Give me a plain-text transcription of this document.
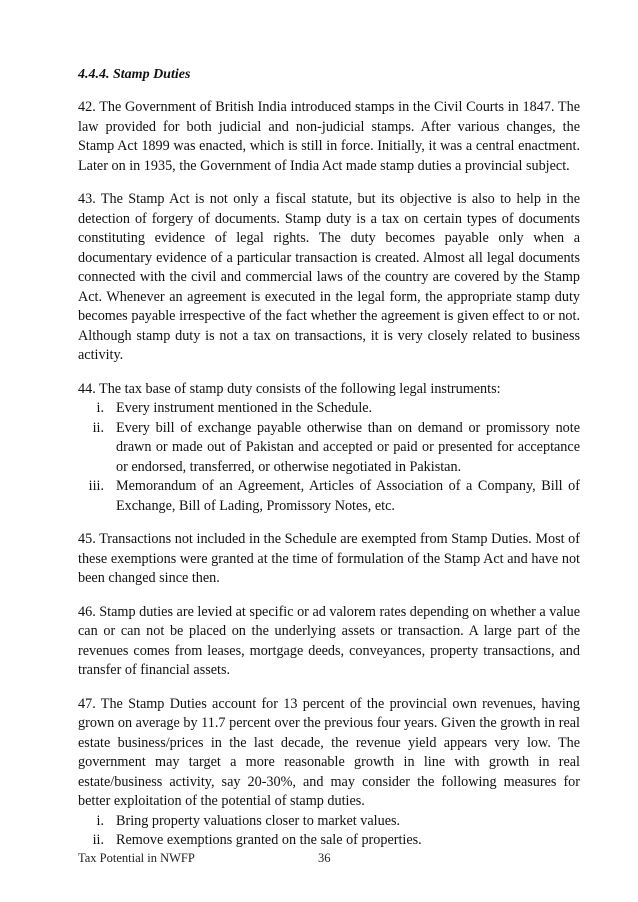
4.4.4. Stamp Duties

42. The Government of British India introduced stamps in the Civil Courts in 1847. The law provided for both judicial and non-judicial stamps. After various changes, the Stamp Act 1899 was enacted, which is still in force. Initially, it was a central enactment. Later on in 1935, the Government of India Act made stamp duties a provincial subject.

43. The Stamp Act is not only a fiscal statute, but its objective is also to help in the detection of forgery of documents. Stamp duty is a tax on certain types of documents constituting evidence of legal rights. The duty becomes payable only when a documentary evidence of a particular transaction is created. Almost all legal documents connected with the civil and commercial laws of the country are covered by the Stamp Act. Whenever an agreement is executed in the legal form, the appropriate stamp duty becomes payable irrespective of the fact whether the agreement is given effect to or not. Although stamp duty is not a tax on transactions, it is very closely related to business activity.

44. The tax base of stamp duty consists of the following legal instruments:

i. Every instrument mentioned in the Schedule.
ii. Every bill of exchange payable otherwise than on demand or promissory note drawn or made out of Pakistan and accepted or paid or presented for acceptance or endorsed, transferred, or otherwise negotiated in Pakistan.
iii. Memorandum of an Agreement, Articles of Association of a Company, Bill of Exchange, Bill of Lading, Promissory Notes, etc.

45. Transactions not included in the Schedule are exempted from Stamp Duties. Most of these exemptions were granted at the time of formulation of the Stamp Act and have not been changed since then.

46. Stamp duties are levied at specific or ad valorem rates depending on whether a value can or can not be placed on the underlying assets or transaction. A large part of the revenues comes from leases, mortgage deeds, conveyances, property transactions, and transfer of financial assets.

47. The Stamp Duties account for 13 percent of the provincial own revenues, having grown on average by 11.7 percent over the previous four years. Given the growth in real estate business/prices in the last decade, the revenue yield appears very low. The government may target a more reasonable growth in line with growth in real estate/business activity, say 20-30%, and may consider the following measures for better exploitation of the potential of stamp duties.

i. Bring property valuations closer to market values.
ii. Remove exemptions granted on the sale of properties.
Tax Potential in NWFP	36
